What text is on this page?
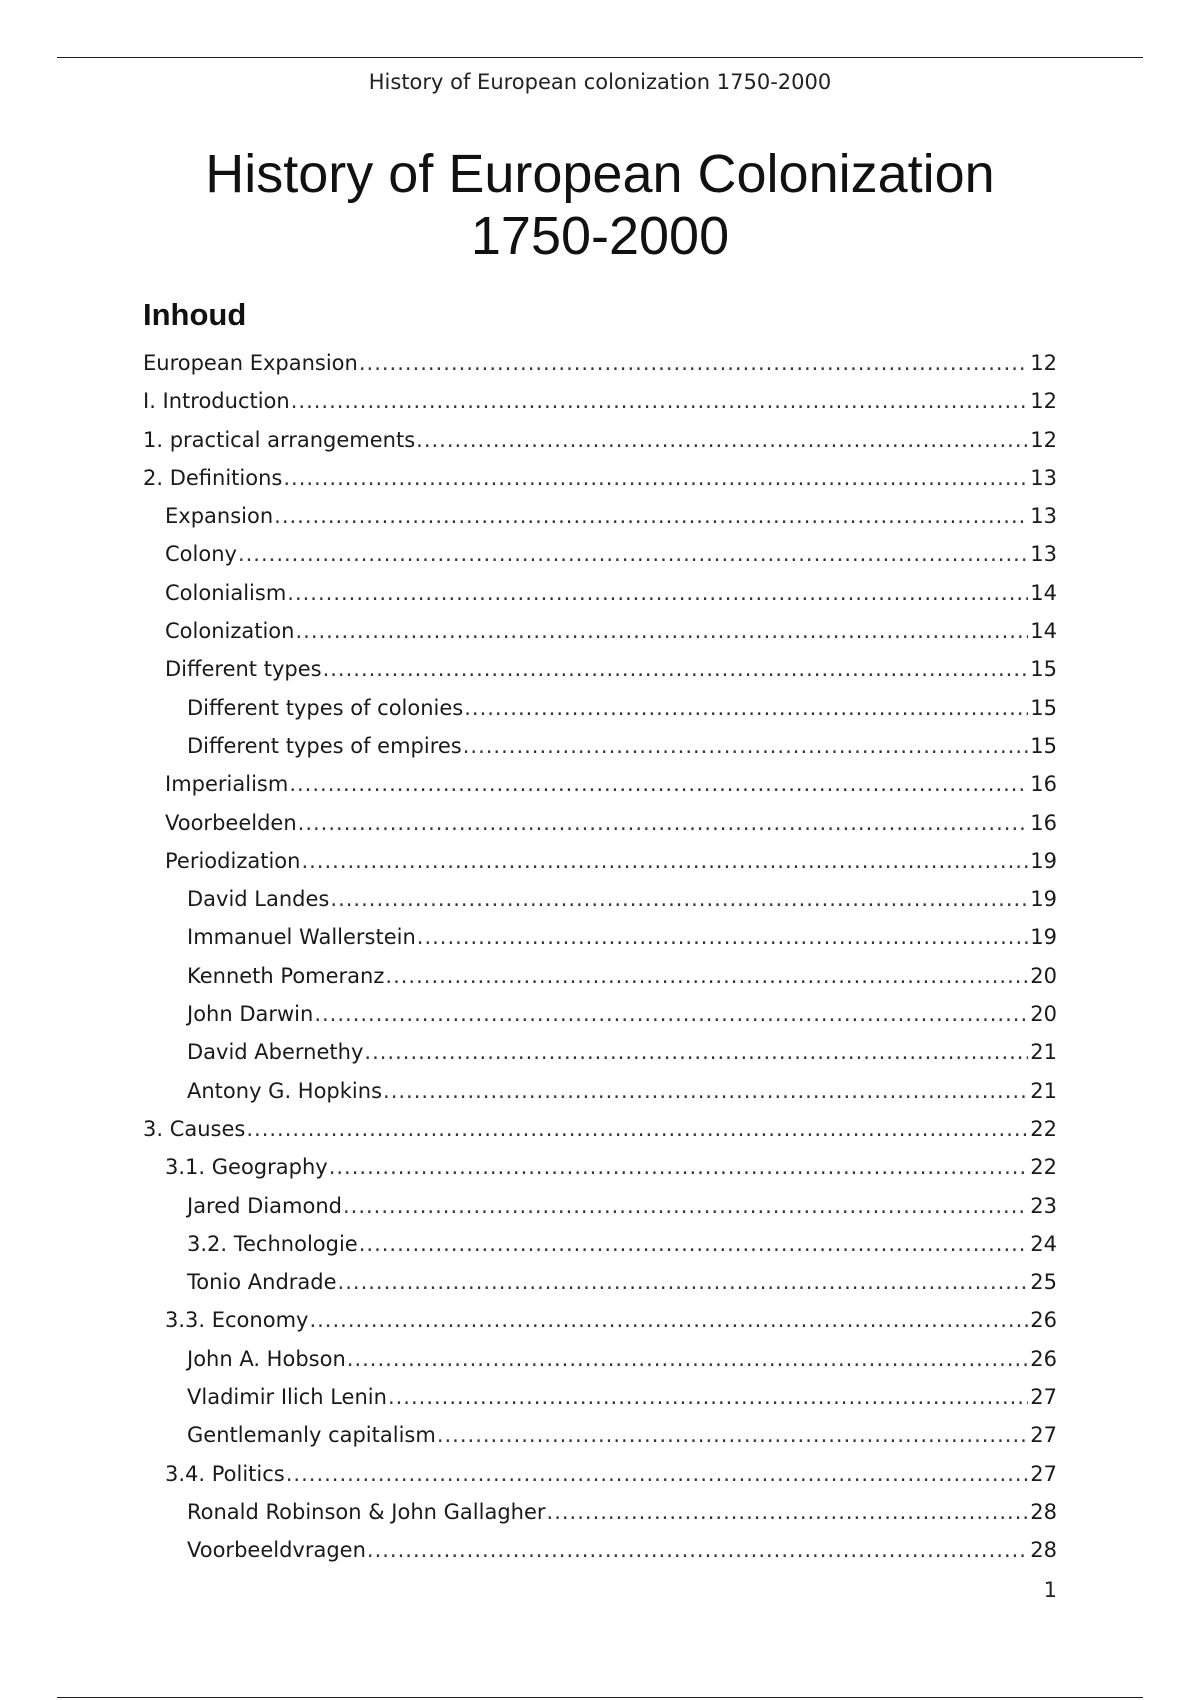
History of European colonization 1750-2000
History of European Colonization
1750-2000
Inhoud
European Expansion .....	12
I. Introduction .....	12
1. practical arrangements .....	12
2. Definitions .....	13
Expansion .....	13
Colony .....	13
Colonialism .....	14
Colonization .....	14
Different types .....	15
Different types of colonies .....	15
Different types of empires .....	15
Imperialism .....	16
Voorbeelden .....	16
Periodization .....	19
David Landes .....	19
Immanuel Wallerstein .....	19
Kenneth Pomeranz .....	20
John Darwin .....	20
David Abernethy .....	21
Antony G. Hopkins .....	21
3. Causes .....	22
3.1. Geography .....	22
Jared Diamond .....	23
3.2. Technologie .....	24
Tonio Andrade .....	25
3.3. Economy .....	26
John A. Hobson .....	26
Vladimir Ilich Lenin .....	27
Gentlemanly capitalism .....	27
3.4. Politics .....	27
Ronald Robinson & John Gallagher .....	28
Voorbeeldvragen .....	28
1
